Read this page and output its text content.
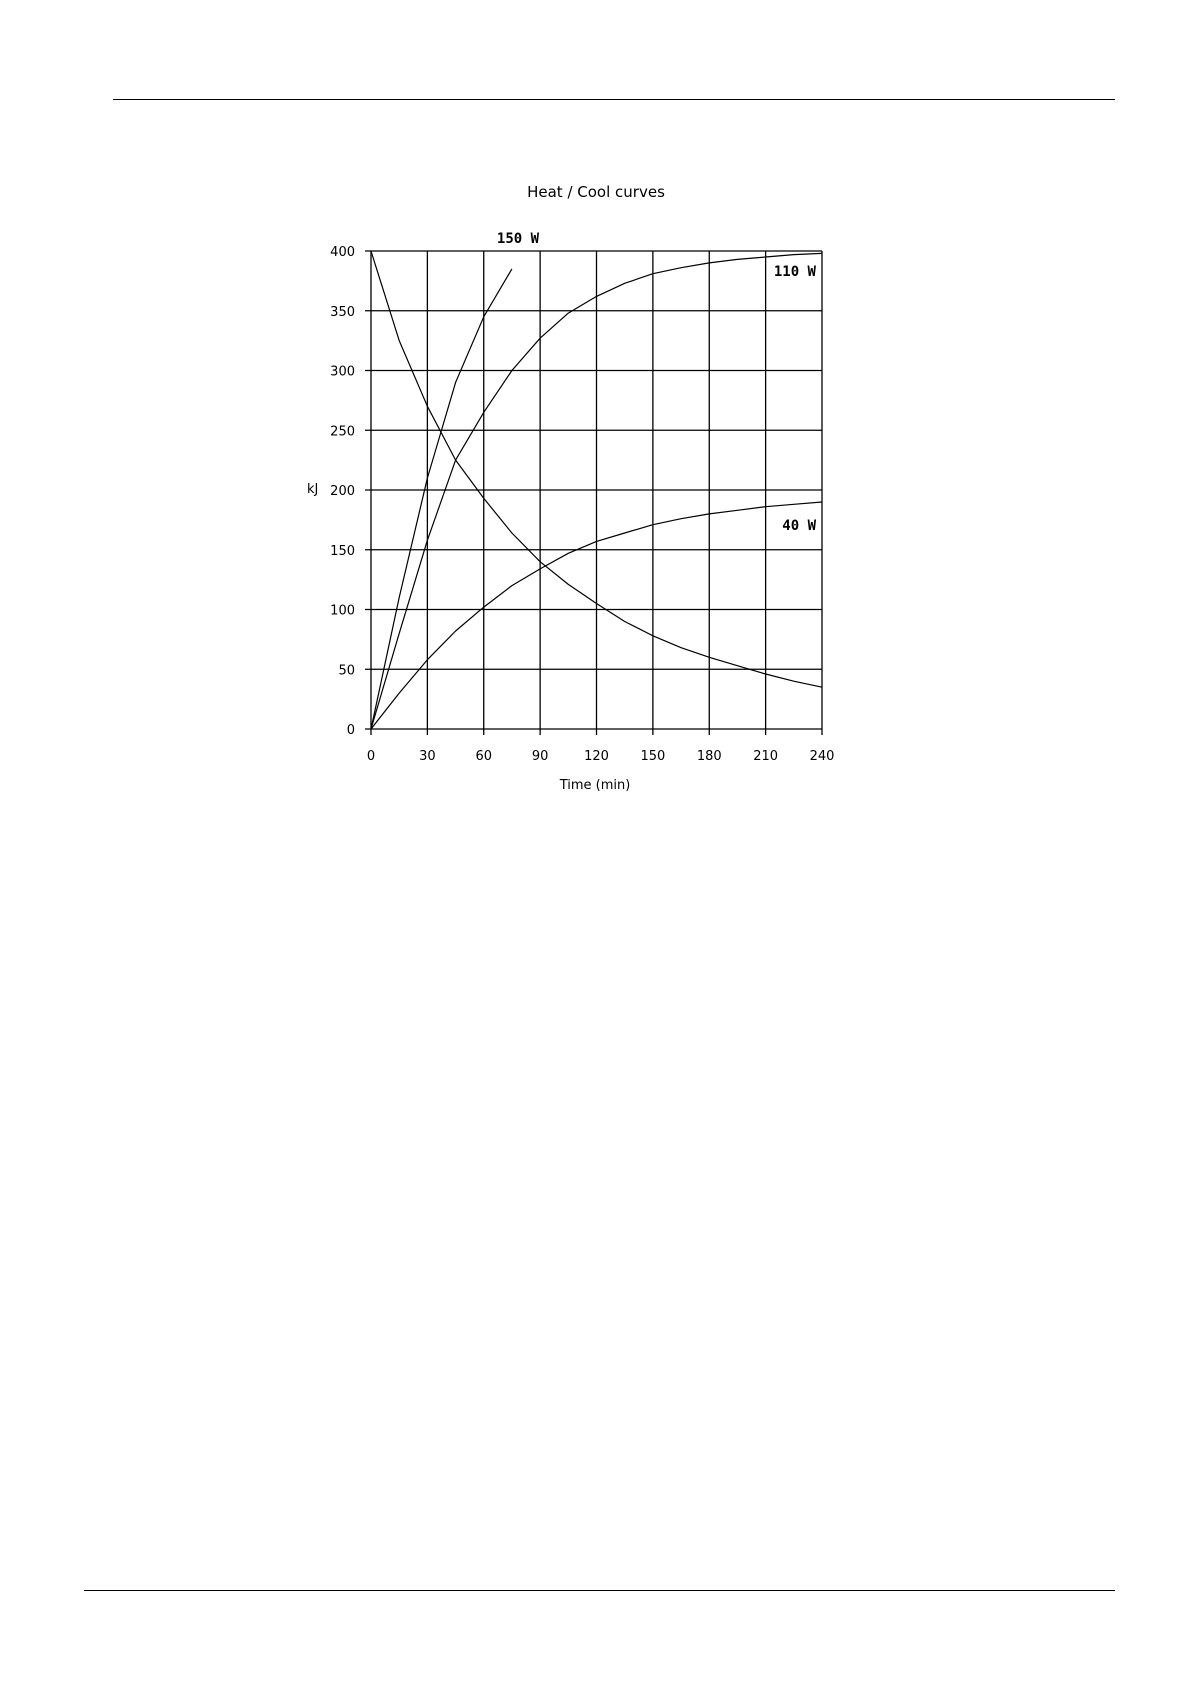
Heat / Cool curves
0	30	60	90	120 150 180 210 240
0
50
100
150
200
250
300
350
400
150 W
110 W
40 W
kJ
Time (min)
